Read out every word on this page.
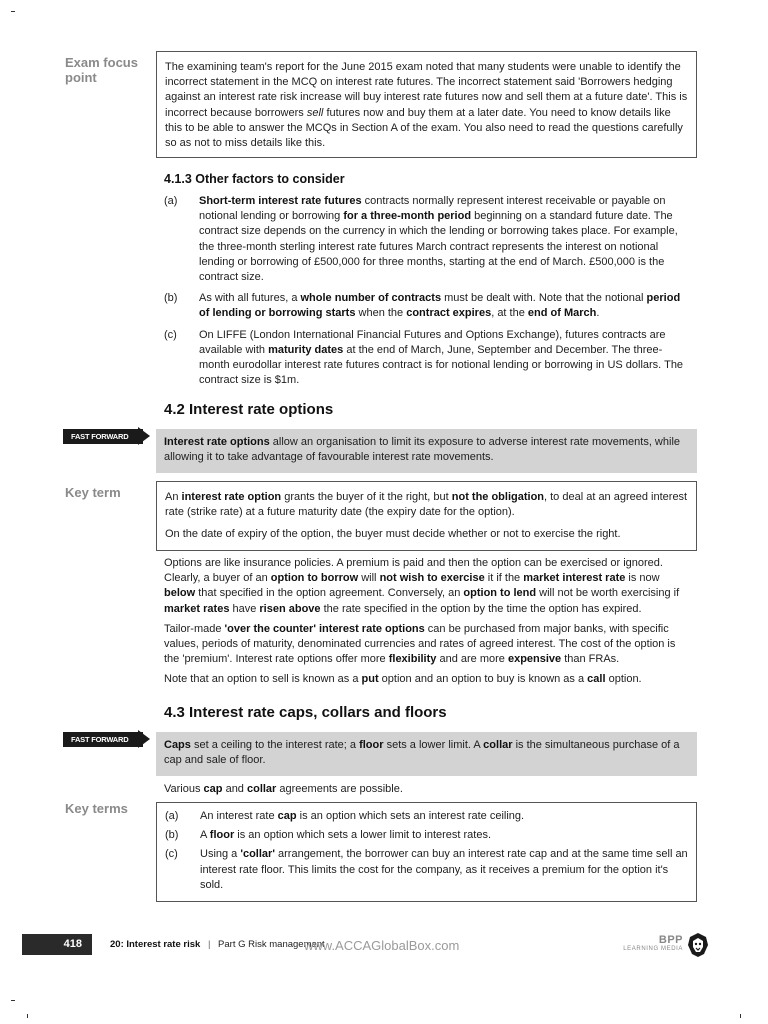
Exam focus
point

The examining team's report for the June 2015 exam noted that many students were unable to identify the incorrect statement in the MCQ on interest rate futures. The incorrect statement said 'Borrowers hedging against an interest rate risk increase will buy interest rate futures now and sell them at a future date'. This is incorrect because borrowers sell futures now and buy them at a later date. You need to know details like this to be able to answer the MCQs in Section A of the exam. You also need to read the questions carefully so as not to miss details like this.

4.1.3 Other factors to consider
(a)	Short-term interest rate futures contracts normally represent interest receivable or payable on notional lending or borrowing for a three-month period beginning on a standard future date. The contract size depends on the currency in which the lending or borrowing takes place. For example, the three-month sterling interest rate futures March contract represents the interest on notional lending or borrowing of £500,000 for three months, starting at the end of March. £500,000 is the contract size.
(b)	As with all futures, a whole number of contracts must be dealt with. Note that the notional period of lending or borrowing starts when the contract expires, at the end of March.
(c)	On LIFFE (London International Financial Futures and Options Exchange), futures contracts are available with maturity dates at the end of March, June, September and December. The three-month eurodollar interest rate futures contract is for notional lending or borrowing in US dollars. The contract size is $1m.
4.2 Interest rate options
FAST FORWARD	Interest rate options allow an organisation to limit its exposure to adverse interest rate movements, while allowing it to take advantage of favourable interest rate movements.
Key term	An interest rate option grants the buyer of it the right, but not the obligation, to deal at an agreed interest rate (strike rate) at a future maturity date (the expiry date for the option).

On the date of expiry of the option, the buyer must decide whether or not to exercise the right.

Options are like insurance policies. A premium is paid and then the option can be exercised or ignored. Clearly, a buyer of an option to borrow will not wish to exercise it if the market interest rate is now below that specified in the option agreement. Conversely, an option to lend will not be worth exercising if market rates have risen above the rate specified in the option by the time the option has expired.

Tailor-made 'over the counter' interest rate options can be purchased from major banks, with specific values, periods of maturity, denominated currencies and rates of agreed interest. The cost of the option is the 'premium'. Interest rate options offer more flexibility and are more expensive than FRAs.

Note that an option to sell is known as a put option and an option to buy is known as a call option.

4.3 Interest rate caps, collars and floors
FAST FORWARD	Caps set a ceiling to the interest rate; a floor sets a lower limit. A collar is the simultaneous purchase of a cap and sale of floor.

Various cap and collar agreements are possible.

Key terms	(a)	An interest rate cap is an option which sets an interest rate ceiling.
(b)	A floor is an option which sets a lower limit to interest rates.
(c)	Using a 'collar' arrangement, the borrower can buy an interest rate cap and at the same time sell an interest rate floor. This limits the cost for the company, as it receives a premium for the option it's sold.
418	20: Interest rate risk | Part G Risk management
www.ACCAGlobalBox.com	BPP
LEARNING MEDIA
